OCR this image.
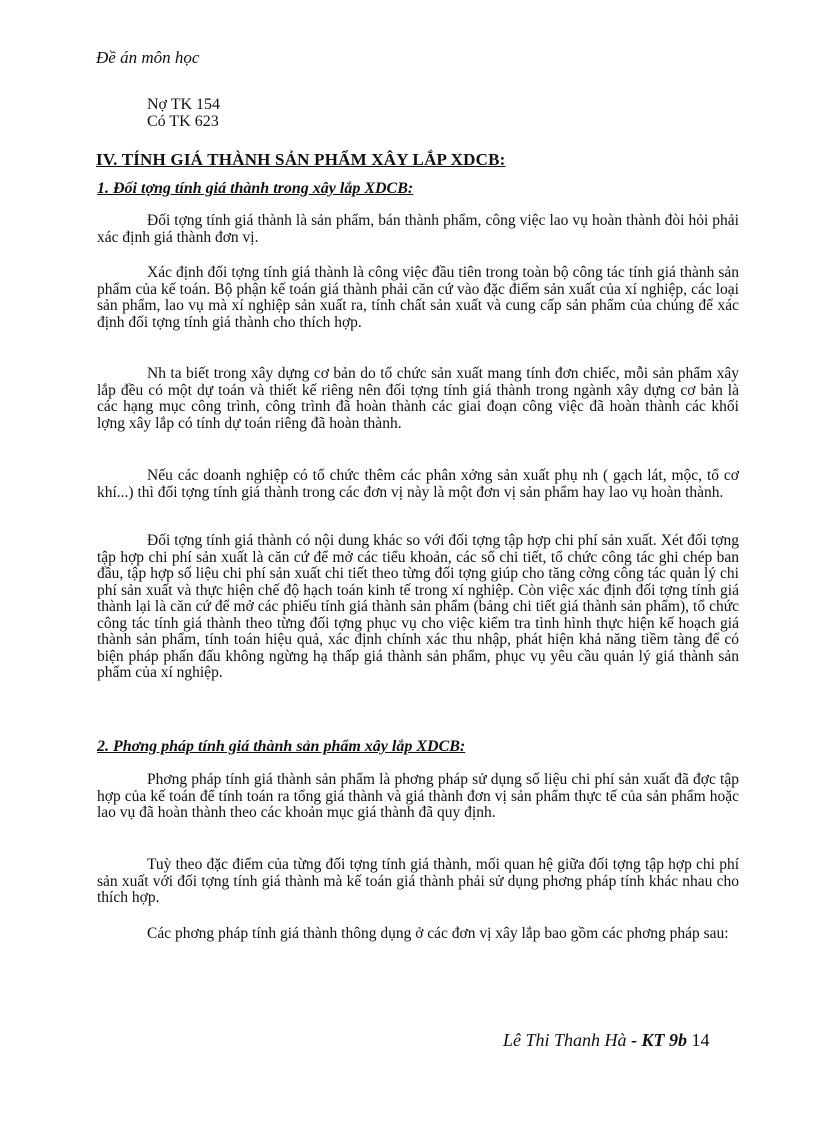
Đề án môn học
Nợ TK 154
Có TK 623
IV. TÍNH GIÁ THÀNH SẢN PHẨM XÂY LẮP XDCB:
1. Đối tợng tính giá thành trong xây lắp XDCB:

Đối tợng tính giá thành là sản phẩm, bán thành phẩm, công việc lao vụ hoàn thành đòi hỏi phải xác định giá thành đơn vị.

Xác định đối tợng tính giá thành là công việc đầu tiên trong toàn bộ công tác tính giá thành sản phẩm của kế toán. Bộ phận kế toán giá thành phải căn cứ vào đặc điểm sản xuất của xí nghiệp, các loại sản phẩm, lao vụ mà xí nghiệp sản xuất ra, tính chất sản xuất và cung cấp sản phẩm của chúng để xác định đối tợng tính giá thành cho thích hợp.

Nh ta biết trong xây dựng cơ bản do tổ chức sản xuất mang tính đơn chiếc, mỗi sản phẩm xây lắp đều có một dự toán và thiết kế riêng nên đối tợng tính giá thành trong ngành xây dựng cơ bản là các hạng mục công trình, công trình đã hoàn thành các giai đoạn công việc đã hoàn thành các khối lợng xây lắp có tính dự toán riêng đã hoàn thành.

Nếu các doanh nghiệp có tổ chức thêm các phân xởng sản xuất phụ nh ( gạch lát, mộc, tổ cơ khí...) thì đối tợng tính giá thành trong các đơn vị này là một đơn vị sản phẩm hay lao vụ hoàn thành.

Đối tợng tính giá thành có nội dung khác so với đối tợng tập hợp chi phí sản xuất. Xét đối tợng tập hợp chi phí sản xuất là căn cứ để mở các tiểu khoản, các sổ chi tiết, tổ chức công tác ghi chép ban đầu, tập hợp số liệu chi phí sản xuất chi tiết theo từng đối tợng giúp cho tăng cờng công tác quản lý chi phí sản xuất và thực hiện chế độ hạch toán kinh tế trong xí nghiệp. Còn việc xác định đối tợng tính giá thành lại là căn cứ để mở các phiếu tính giá thành sản phẩm (bảng chi tiết giá thành sản phẩm), tổ chức công tác tính giá thành theo từng đối tợng phục vụ cho việc kiểm tra tình hình thực hiện kế hoạch giá thành sản phẩm, tính toán hiệu quả, xác định chính xác thu nhập, phát hiện khả năng tiềm tàng để có biện pháp phấn đấu không ngừng hạ thấp giá thành sản phẩm, phục vụ yêu cầu quản lý giá thành sản phẩm của xí nghiệp.

2. Phơng pháp tính giá thành sản phẩm xây lắp XDCB:

Phơng pháp tính giá thành sản phẩm là phơng pháp sử dụng số liệu chi phí sản xuất đã đợc tập hợp của kế toán để tính toán ra tổng giá thành và giá thành đơn vị sản phẩm thực tế của sản phẩm hoặc lao vụ đã hoàn thành theo các khoản mục giá thành đã quy định.

Tuỳ theo đặc điểm của từng đối tợng tính giá thành, mối quan hệ giữa đối tợng tập hợp chi phí sản xuất với đối tợng tính giá thành mà kế toán giá thành phải sử dụng phơng pháp tính khác nhau cho thích hợp.

Các phơng pháp tính giá thành thông dụng ở các đơn vị xây lắp bao gồm các phơng pháp sau:

Lê Thi Thanh Hà - KT 9b 14
